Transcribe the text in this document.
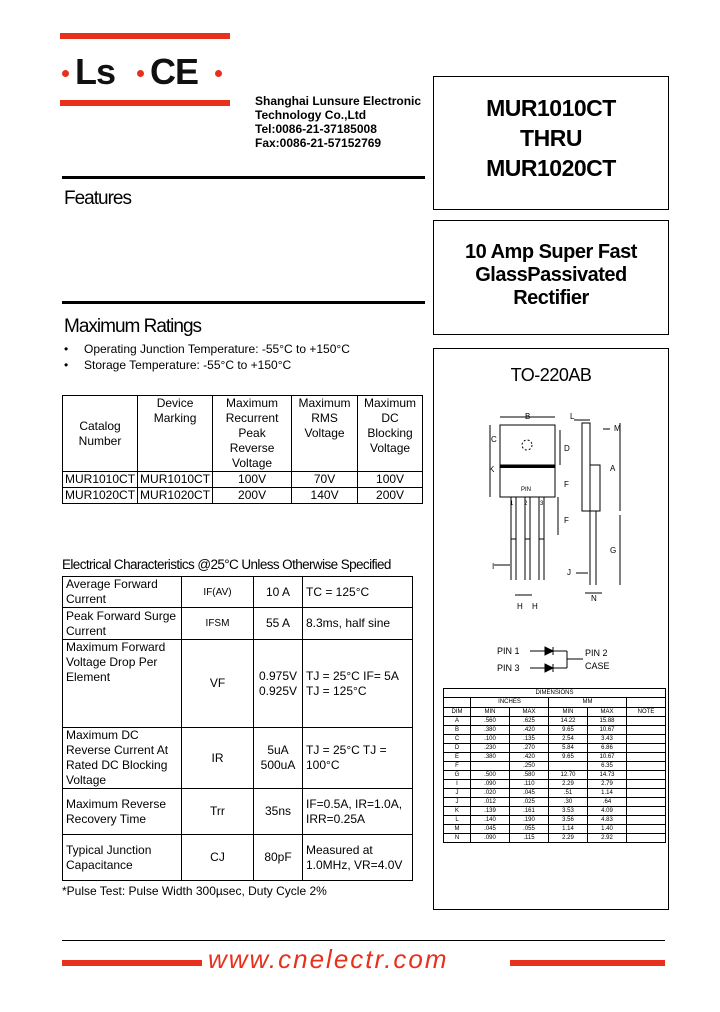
Ls CE
Shanghai Lunsure Electronic
Technology Co.,Ltd
Tel:0086-21-37185008
Fax:0086-21-57152769
MUR1010CT
THRU
MUR1020CT
10 Amp Super Fast
GlassPassivated
Rectifier
Features
Maximum Ratings
• Operating Junction Temperature: -55°C to +150°C
• Storage Temperature: -55°C to +150°C
Catalog Number	Device Marking	Maximum Recurrent Peak Reverse Voltage	Maximum RMS Voltage	Maximum DC Blocking Voltage
MUR1010CT	MUR1010CT	100V	70V	100V
MUR1020CT	MUR1020CT	200V	140V	200V
Electrical Characteristics @25°C Unless Otherwise Specified
Average Forward Current	IF(AV)	10 A	TC = 125°C
Peak Forward Surge Current	IFSM	55 A	8.3ms, half sine
Maximum Forward Voltage Drop Per Element	VF	0.975V 0.925V	TJ = 25°C IF= 5A TJ = 125°C
Maximum DC Reverse Current At Rated DC Blocking Voltage	IR	5uA 500uA	TJ = 25°C TJ = 100°C
Maximum Reverse Recovery Time	Trr	35ns	IF=0.5A, IR=1.0A, IRR=0.25A
Typical Junction Capacitance	CJ	80pF	Measured at 1.0MHz, VR=4.0V
*Pulse Test: Pulse Width 300µsec, Duty Cycle 2%
TO-220AB
B	L
M
C
D
K	A
F
PIN
1 2 3
F
G
I
J
H H
N
PIN 1
PIN 3
PIN 2
CASE
DIMENSIONS					
	INCHES		MM		
DIM	MIN	MAX	MIN	MAX	NOTE
A	.560	.625	14.22	15.88	
B	.380	.420	9.65	10.67	
C	.100	.135	2.54	3.43	
D	.230	.270	5.84	6.86	
E	.380	.420	9.65	10.67	
F		.250		6.35	
G	.500	.580	12.70	14.73	
I	.090	.110	2.29	2.79	
J	.020	.045	.51	1.14	
J	.012	.025	.30	.64	
K	.139	.161	3.53	4.09	
L	.140	.190	3.56	4.83	
M	.045	.055	1.14	1.40	
N	.090	.115	2.29	2.92	
www.cnelectr.com
